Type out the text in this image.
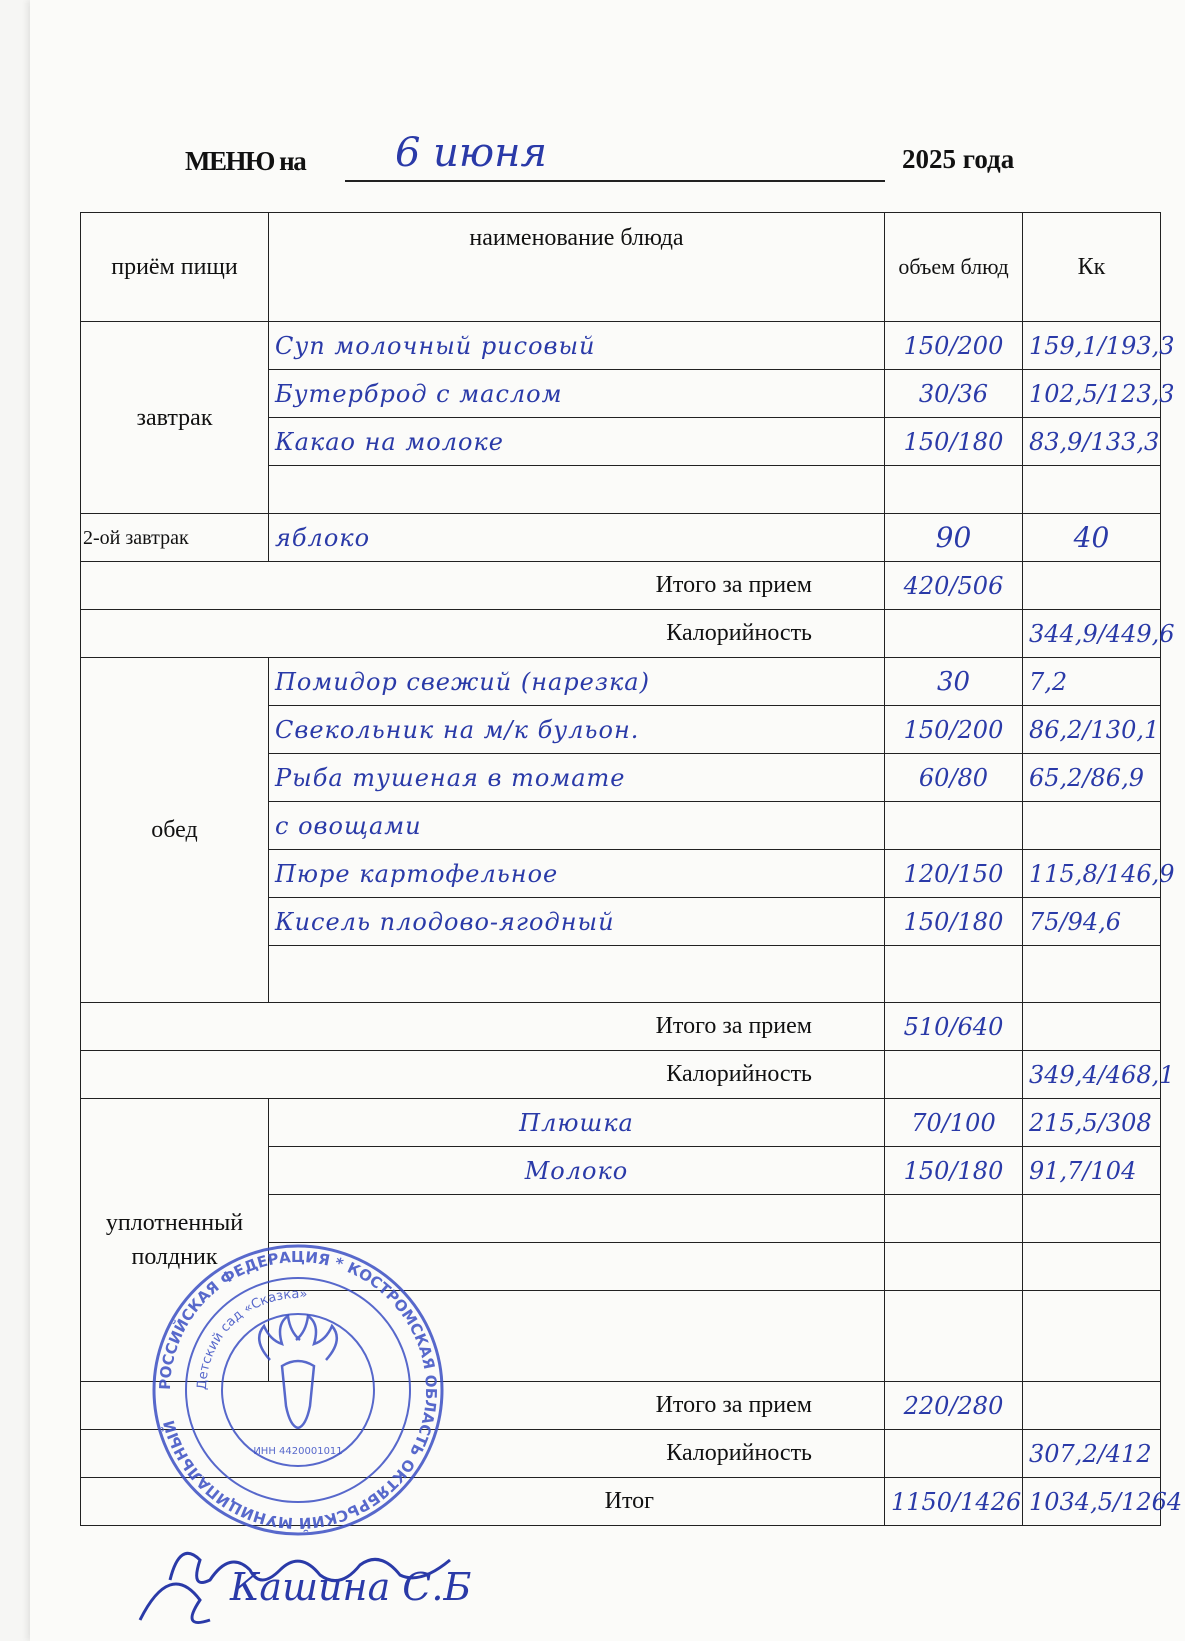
МЕНЮ на 6 июня	2025 года
приём пищи	наименование блюда	объем блюд	Кк
завтрак	Суп молочный рисовый	150/200	159,1/193,3
	Бутерброд с маслом	30/36	102,5/123,3
	Какао на молоке	150/180	83,9/133,3

2-ой завтрак	яблоко	90	40
Итого за прием		420/506	
Калорийность			344,9/449,6
обед	Помидор свежий (нарезка)	30	7,2
	Свекольник на м/к бульон.	150/200	86,2/130,1
	Рыба тушеная в томате	60/80	65,2/86,9
	с овощами		
	Пюре картофельное	120/150	115,8/146,9
	Кисель плодово-ягодный	150/180	75/94,6

Итого за прием		510/640	
Калорийность			349,4/468,1
уплотненный полдник	Плюшка	70/100	215,5/308
	Молоко	150/180	91,7/104

Итого за прием		220/280	
Калорийность			307,2/412
Итог		1150/1426	1034,5/1264
РОССИЙСКАЯ ФЕДЕРАЦИЯ * КОСТРОМСКАЯ ОБЛАСТЬ ОКТЯБРЬСКИЙ МУНИЦИПАЛЬНЫЙ
Детский сад «Сказка»
ИНН 4420001011
Кашина С.Б
